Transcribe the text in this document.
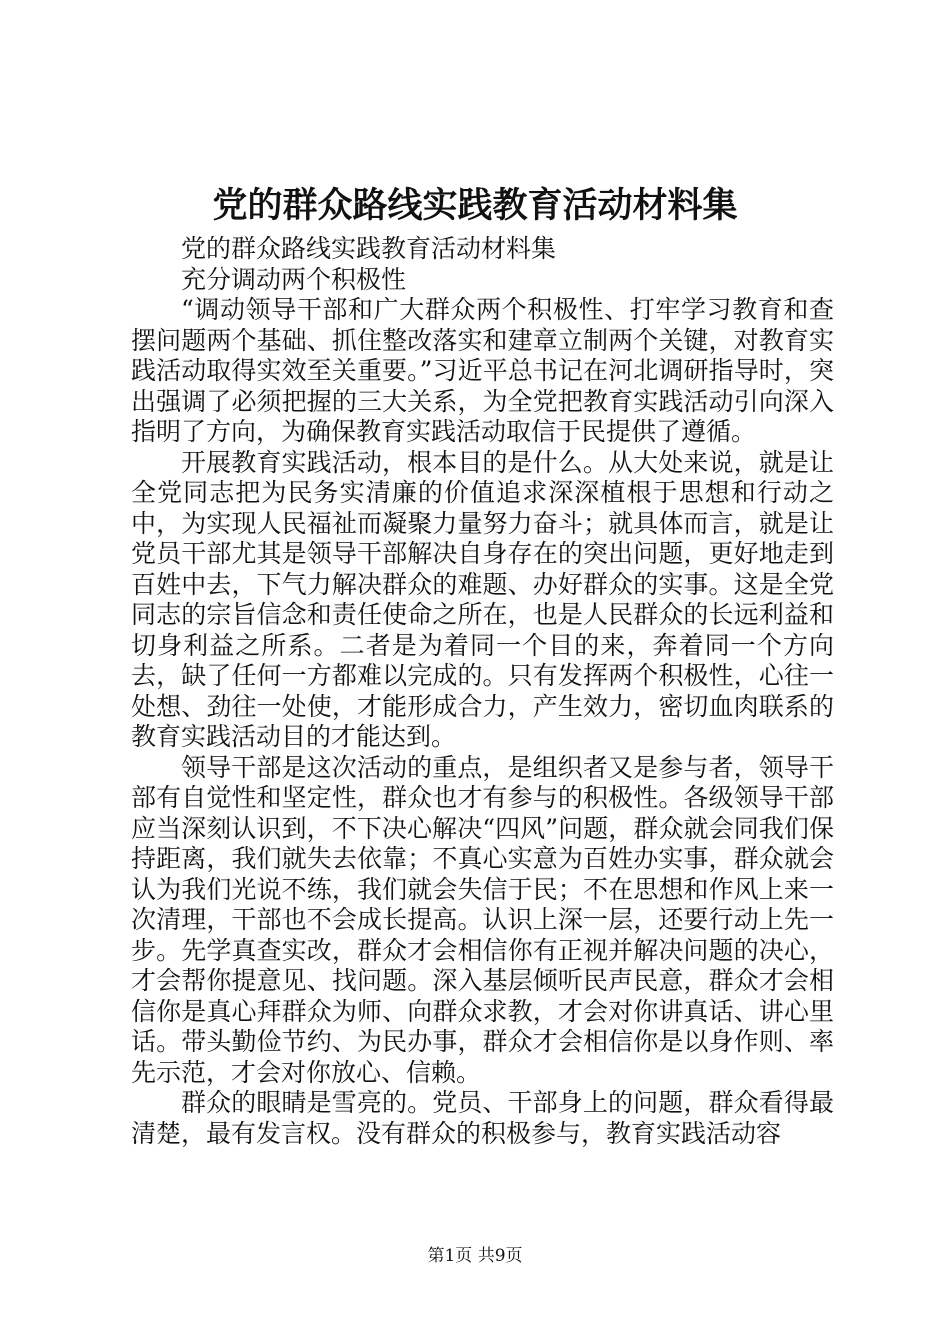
党的群众路线实践教育活动材料集

党的群众路线实践教育活动材料集

充分调动两个积极性

“调动领导干部和广大群众两个积极性、打牢学习教育和查摆问题两个基础、抓住整改落实和建章立制两个关键，对教育实践活动取得实效至关重要。”习近平总书记在河北调研指导时，突出强调了必须把握的三大关系，为全党把教育实践活动引向深入指明了方向，为确保教育实践活动取信于民提供了遵循。

开展教育实践活动，根本目的是什么。从大处来说，就是让全党同志把为民务实清廉的价值追求深深植根于思想和行动之中，为实现人民福祉而凝聚力量努力奋斗；就具体而言，就是让党员干部尤其是领导干部解决自身存在的突出问题，更好地走到百姓中去，下气力解决群众的难题、办好群众的实事。这是全党同志的宗旨信念和责任使命之所在，也是人民群众的长远利益和切身利益之所系。二者是为着同一个目的来，奔着同一个方向去，缺了任何一方都难以完成的。只有发挥两个积极性，心往一处想、劲往一处使，才能形成合力，产生效力，密切血肉联系的教育实践活动目的才能达到。

领导干部是这次活动的重点，是组织者又是参与者，领导干部有自觉性和坚定性，群众也才有参与的积极性。各级领导干部应当深刻认识到，不下决心解决“四风”问题，群众就会同我们保持距离，我们就失去依靠；不真心实意为百姓办实事，群众就会认为我们光说不练，我们就会失信于民；不在思想和作风上来一次清理，干部也不会成长提高。认识上深一层，还要行动上先一步。先学真查实改，群众才会相信你有正视并解决问题的决心，才会帮你提意见、找问题。深入基层倾听民声民意，群众才会相信你是真心拜群众为师、向群众求教，才会对你讲真话、讲心里话。带头勤俭节约、为民办事，群众才会相信你是以身作则、率先示范，才会对你放心、信赖。

群众的眼睛是雪亮的。党员、干部身上的问题，群众看得最清楚，最有发言权。没有群众的积极参与，教育实践活动容

第1页 共9页
